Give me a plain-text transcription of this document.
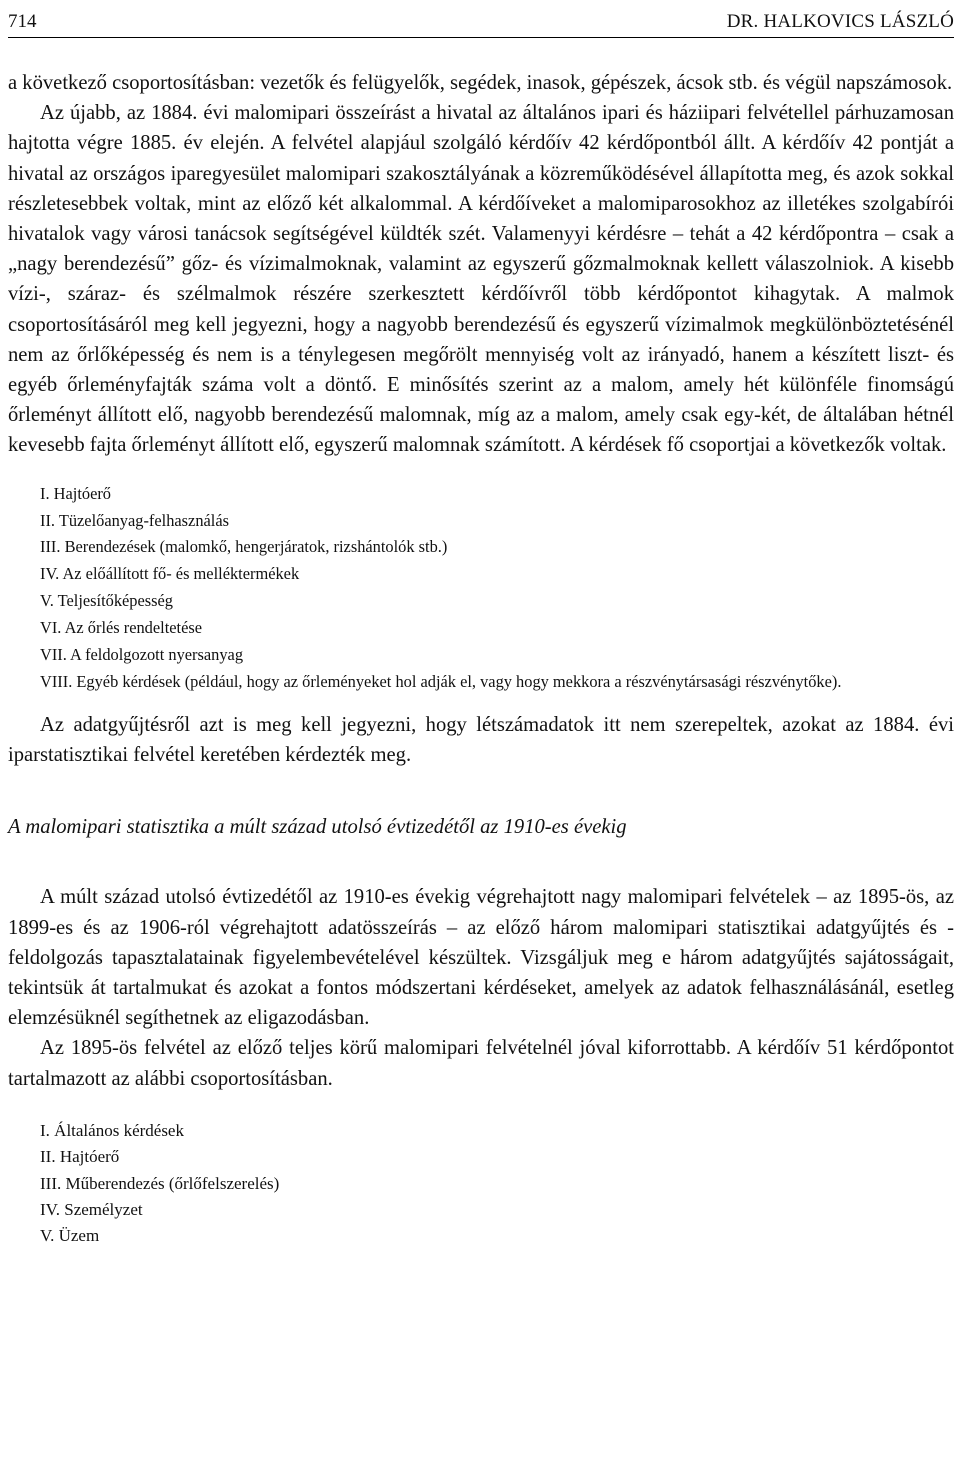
714	DR. HALKOVICS LÁSZLÓ

a következő csoportosításban: vezetők és felügyelők, segédek, inasok, gépészek, ácsok stb. és végül napszámosok.

Az újabb, az 1884. évi malomipari összeírást a hivatal az általános ipari és háziipari felvétellel párhuzamosan hajtotta végre 1885. év elején. A felvétel alapjául szolgáló kérdőív 42 kérdőpontból állt. A kérdőív 42 pontját a hivatal az országos iparegyesület malomipari szakosztályának a közreműködésével állapította meg, és azok sokkal részletesebbek voltak, mint az előző két alkalommal. A kérdőíveket a malomiparosokhoz az illetékes szolgabírói hivatalok vagy városi tanácsok segítségével küldték szét. Valamenyyi kérdésre – tehát a 42 kérdőpontra – csak a „nagy berendezésű” gőz- és vízimalmoknak, valamint az egyszerű gőzmalmoknak kellett válaszolniok. A kisebb vízi-, száraz- és szélmalmok részére szerkesztett kérdőívről több kérdőpontot kihagytak. A malmok csoportosításáról meg kell jegyezni, hogy a nagyobb berendezésű és egyszerű vízimalmok megkülönböztetésénél nem az őrlőképesség és nem is a ténylegesen megőrölt mennyiség volt az irányadó, hanem a készített liszt- és egyéb őrleményfajták száma volt a döntő. E minősítés szerint az a malom, amely hét különféle finomságú őrleményt állított elő, nagyobb berendezésű malomnak, míg az a malom, amely csak egy-két, de általában hétnél kevesebb fajta őrleményt állított elő, egyszerű malomnak számított. A kérdések fő csoportjai a következők voltak.

I. Hajtóerő
II. Tüzelőanyag-felhasználás
III. Berendezések (malomkő, hengerjáratok, rizshántolók stb.)
IV. Az előállított fő- és melléktermékek
V. Teljesítőképesség
VI. Az őrlés rendeltetése
VII. A feldolgozott nyersanyag
VIII. Egyéb kérdések (például, hogy az őrleményeket hol adják el, vagy hogy mekkora a részvénytársasági részvénytőke).

Az adatgyűjtésről azt is meg kell jegyezni, hogy létszámadatok itt nem szerepeltek, azokat az 1884. évi iparstatisztikai felvétel keretében kérdezték meg.

A malomipari statisztika a múlt század utolsó évtizedétől az 1910-es évekig

A múlt század utolsó évtizedétől az 1910-es évekig végrehajtott nagy malomipari felvételek – az 1895-ös, az 1899-es és az 1906-ról végrehajtott adatösszeírás – az előző három malomipari statisztikai adatgyűjtés és -feldolgozás tapasztalatainak figyelembevételével készültek. Vizsgáljuk meg e három adatgyűjtés sajátosságait, tekintsük át tartalmukat és azokat a fontos módszertani kérdéseket, amelyek az adatok felhasználásánál, esetleg elemzésüknél segíthetnek az eligazodásban.

Az 1895-ös felvétel az előző teljes körű malomipari felvételnél jóval kiforrottabb. A kérdőív 51 kérdőpontot tartalmazott az alábbi csoportosításban.

I. Általános kérdések
II. Hajtóerő
III. Műberendezés (őrlőfelszerelés)
IV. Személyzet
V. Üzem
